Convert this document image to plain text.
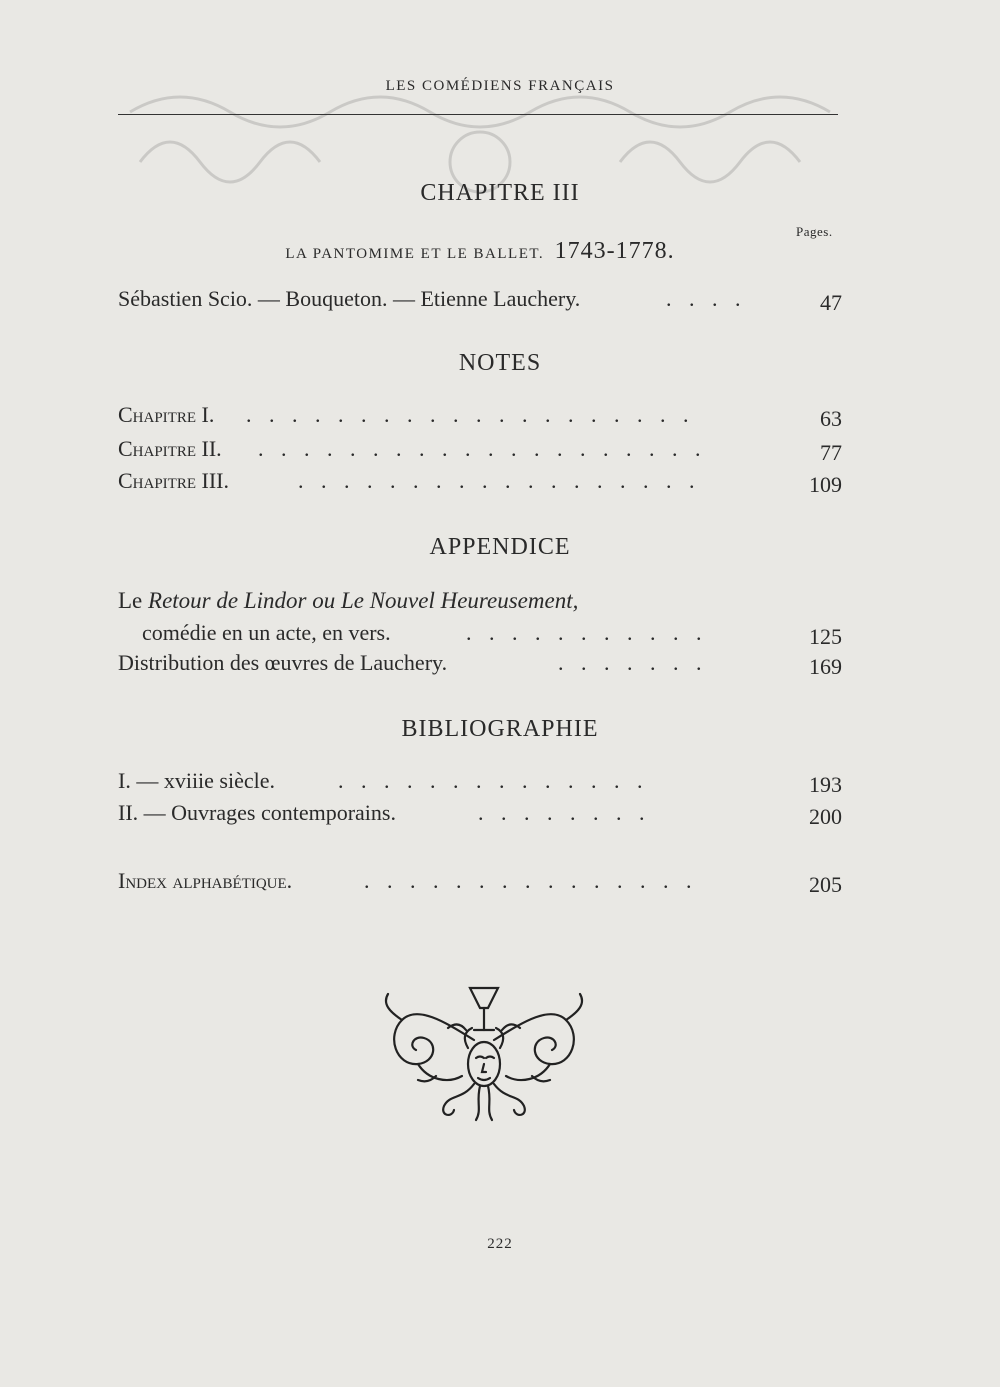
LES COMÉDIENS FRANÇAIS
CHAPITRE III
Pages.
LA PANTOMIME ET LE BALLET. 1743-1778.
Sébastien Scio. — Bouqueton. — Etienne Lauchery.	. . . .	47
NOTES
Chapitre I. . . . . . . . . . . . . . . . . . . . .	63
Chapitre II. . . . . . . . . . . . . . . . . . . . .	77
Chapitre III.	. . . . . . . . . . . . . . . . . .	109
APPENDICE
Le Retour de Lindor ou Le Nouvel Heureusement,
comédie en un acte, en vers.	. . . . . . . . . . .	125
Distribution des œuvres de Lauchery.	. . . . . . .	169
BIBLIOGRAPHIE
I. — xviiie siècle.	. . . . . . . . . . . . . .	193
II. — Ouvrages contemporains.	. . . . . . . .	200
Index alphabétique.	. . . . . . . . . . . . . . .	205
222
